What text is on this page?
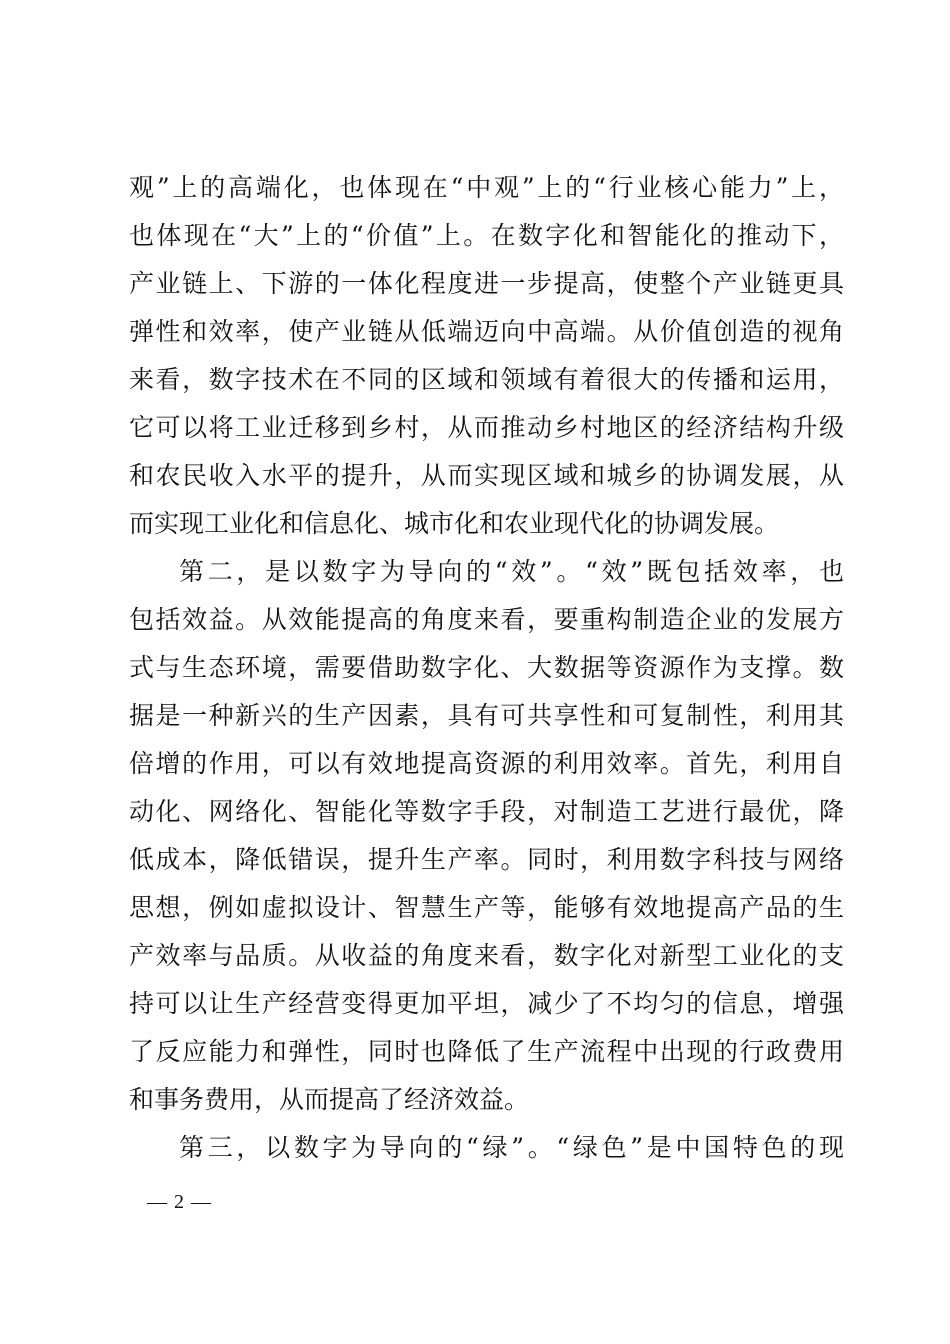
观”上的高端化，也体现在“中观”上的“行业核心能力”上，
也体现在“大”上的“价值”上。在数字化和智能化的推动下，
产业链上、下游的一体化程度进一步提高，使整个产业链更具
弹性和效率，使产业链从低端迈向中高端。从价值创造的视角
来看，数字技术在不同的区域和领域有着很大的传播和运用，
它可以将工业迁移到乡村，从而推动乡村地区的经济结构升级
和农民收入水平的提升，从而实现区域和城乡的协调发展，从
而实现工业化和信息化、城市化和农业现代化的协调发展。
第二，是以数字为导向的“效”。“效”既包括效率，也
包括效益。从效能提高的角度来看，要重构制造企业的发展方
式与生态环境，需要借助数字化、大数据等资源作为支撑。数
据是一种新兴的生产因素，具有可共享性和可复制性，利用其
倍增的作用，可以有效地提高资源的利用效率。首先，利用自
动化、网络化、智能化等数字手段，对制造工艺进行最优，降
低成本，降低错误，提升生产率。同时，利用数字科技与网络
思想，例如虚拟设计、智慧生产等，能够有效地提高产品的生
产效率与品质。从收益的角度来看，数字化对新型工业化的支
持可以让生产经营变得更加平坦，减少了不均匀的信息，增强
了反应能力和弹性，同时也降低了生产流程中出现的行政费用
和事务费用，从而提高了经济效益。
第三，以数字为导向的“绿”。“绿色”是中国特色的现
— 2 —
